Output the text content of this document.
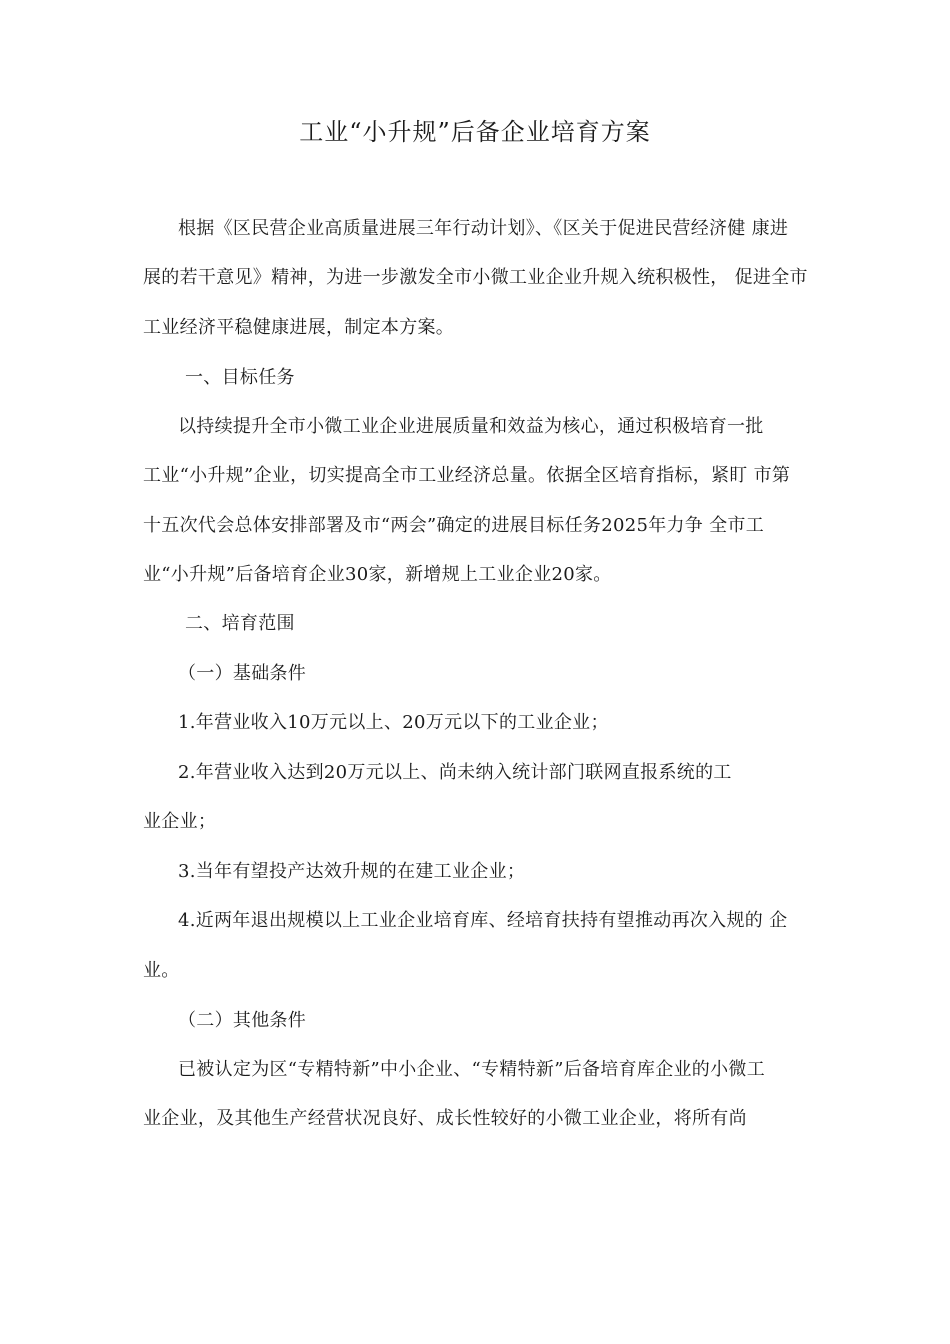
工业“小升规”后备企业培育方案
根据《区民营企业高质量进展三年行动计划》、《区关于促进民营经济健 康进
展的若干意见》精神，为进一步激发全市小微工业企业升规入统积极性， 促进全市
工业经济平稳健康进展，制定本方案。
一、目标任务
以持续提升全市小微工业企业进展质量和效益为核心，通过积极培育一批
工业“小升规”企业，切实提高全市工业经济总量。依据全区培育指标，紧盯 市第
十五次代会总体安排部署及市“两会”确定的进展目标任务2025年力争 全市工
业“小升规”后备培育企业30家，新增规上工业企业20家。
二、培育范围
（一）基础条件
1.年营业收入10万元以上、20万元以下的工业企业；
2.年营业收入达到20万元以上、尚未纳入统计部门联网直报系统的工
业企业；
3.当年有望投产达效升规的在建工业企业；
4.近两年退出规模以上工业企业培育库、经培育扶持有望推动再次入规的 企
业。
（二）其他条件
已被认定为区“专精特新”中小企业、“专精特新”后备培育库企业的小微工
业企业，及其他生产经营状况良好、成长性较好的小微工业企业，将所有尚
